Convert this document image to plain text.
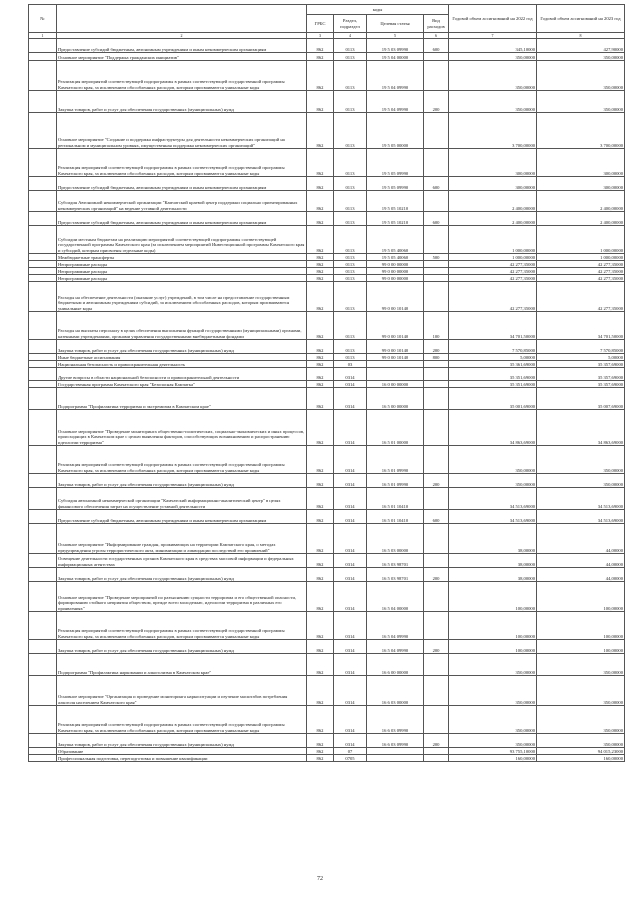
№		коды				Годовой объем ассигнований на 2022 год	Годовой объем ассигнований на 2023 год
		ГРБС	Раздел, подраздел	Целевая статья	Вид расходов		
1	2	3	4	5	6	7	8
	Предоставление субсидий бюджетным, автономным учреждениям и иным некоммерческим организациям	862	0113	19 5 03 09990	600	345,10000	427,90000
	Основное мероприятие "Поддержка гражданских инициатив"	862	0113	19 5 04 00000		350,00000	350,00000
	Реализация мероприятий соответствующей подпрограммы в рамках соответствующей государственной программы Камчатского края, за исключением обособленных расходов, которым присваиваются уникальные коды	862	0113	19 5 04 09990		350,00000	350,00000
	Закупка товаров, работ и услуг для обеспечения государственных (муниципальных) нужд	862	0113	19 5 04 09990	200	350,00000	350,00000
	Основное мероприятие "Создание и поддержка инфраструктуры для деятельности некоммерческих организаций на региональном и муниципальном уровнях, имущественная поддержка некоммерческих организаций"	862	0113	19 5 05 00000		3 700,00000	3 700,00000
	Реализация мероприятий соответствующей подпрограммы в рамках соответствующей государственной программы Камчатского края, за исключением обособленных расходов, которым присваиваются уникальные коды	862	0113	19 5 05 09990		300,00000	300,00000
	Предоставление субсидий бюджетным, автономным учреждениям и иным некоммерческим организациям	862	0113	19 5 05 09990	600	300,00000	300,00000
	Субсидия Автономной некоммерческой организации "Камчатский краевой центр поддержки социально ориентированных некоммерческих организаций" на ведение уставной деятельности	862	0113	19 5 05 10210		2 400,00000	2 400,00000
	Предоставление субсидий бюджетным, автономным учреждениям и иным некоммерческим организациям	862	0113	19 5 05 10210	600	2 400,00000	2 400,00000
	Субсидии местным бюджетам на реализацию мероприятий соответствующей подпрограммы соответствующей государственной программы Камчатского края (за исключением мероприятий Инвестиционной программы Камчатского края и субсидий, которым присвоены отдельные коды)	862	0113	19 5 05 40060		1 000,00000	1 000,00000
	Межбюджетные трансферты	862	0113	19 5 05 40060	500	1 000,00000	1 000,00000
	Непрограммные расходы	862	0113	99 0 00 00000		42 277,35000	42 277,35000
	Непрограммные расходы	862	0113	99 0 00 00000		42 277,35000	42 277,35000
	Непрограммные расходы	862	0113	99 0 00 00000		42 277,35000	42 277,35000
	Расходы на обеспечение деятельности (оказание услуг) учреждений, в том числе на предоставление государственным бюджетным и автономным учреждениям субсидий, за исключением обособленных расходов, которым присваиваются уникальные коды	862	0113	99 0 00 10140		42 277,35000	42 277,35000
	Расходы на выплаты персоналу в целях обеспечения выполнения функций государственными (муниципальными) органами, казенными учреждениями, органами управления государственными внебюджетными фондами	862	0113	99 0 00 10140	100	34 701,50000	34 701,50000
	Закупка товаров, работ и услуг для обеспечения государственных (муниципальных) нужд	862	0113	99 0 00 10140	200	7 570,85000	7 570,85000
	Иные бюджетные ассигнования	862	0113	99 0 00 10140	800	5,00000	5,00000
	Национальная безопасность и правоохранительная деятельность	862	03			35 361,69000	35 357,69000
	Другие вопросы в области национальной безопасности и правоохранительной деятельности	862	0314			35 351,69000	35 357,69000
	Государственная программа Камчатского края "Безопасная Камчатка"	862	0314	16 0 00 00000		35 351,69000	35 357,69000
	Подпрограмма "Профилактика терроризма и экстремизма в Камчатском крае"	862	0314	16 5 00 00000		35 001,69000	35 007,69000
	Основное мероприятие "Проведение мониторинга общественно-политических, социально-экономических и иных процессов, происходящих в Камчатском крае с целью выявления факторов, способствующих возникновению и распространению идеологии терроризма"	862	0314	16 5 01 00000		34 863,69000	34 863,69000
	Реализация мероприятий соответствующей подпрограммы в рамках соответствующей государственной программы Камчатского края, за исключением обособленных расходов, которым присваиваются уникальные коды	862	0314	16 5 01 09990		350,00000	350,00000
	Закупка товаров, работ и услуг для обеспечения государственных (муниципальных) нужд	862	0314	16 5 01 09990	200	350,00000	350,00000
	Субсидия автономной некоммерческой организации "Камчатский информационно-аналитический центр" в целях финансового обеспечения затрат на осуществление уставной деятельности	862	0314	16 5 01 10410		34 513,69000	34 513,69000
	Предоставление субсидий бюджетным, автономным учреждениям и иным некоммерческим организациям	862	0314	16 5 01 10410	600	34 513,69000	34 513,69000
	Основное мероприятие "Информирование граждан, проживающих на территории Камчатского края, о методах предупреждения угрозы террористического акта, минимизации и ликвидации последствий его проявлений"	862	0314	16 5 03 00000		38,00000	44,00000
	Освещение деятельности государственных органов Камчатского края в средствах массовой информации и федеральных информационных агентствах	862	0314	16 5 03 98701		38,00000	44,00000
	Закупка товаров, работ и услуг для обеспечения государственных (муниципальных) нужд	862	0314	16 5 03 98701	200	38,00000	44,00000
	Основное мероприятие "Проведение мероприятий по разъяснению сущности терроризма и его общественной опасности, формированию стойкого неприятия обществом, прежде всего молодежью, идеологии терроризма в различных его проявлениях"	862	0314	16 5 04 00000		100,00000	100,00000
	Реализация мероприятий соответствующей подпрограммы в рамках соответствующей государственной программы Камчатского края, за исключением обособленных расходов, которым присваиваются уникальные коды	862	0314	16 5 04 09990		100,00000	100,00000
	Закупка товаров, работ и услуг для обеспечения государственных (муниципальных) нужд	862	0314	16 5 04 09990	200	100,00000	100,00000
	Подпрограмма "Профилактика наркомании и алкоголизма в Камчатском крае"	862	0314	16 6 00 00000		350,00000	350,00000
	Основное мероприятие "Организация и проведение мониторинга наркоситуации и изучение масштабов потребления алкоголя населением Камчатского края"	862	0314	16 6 03 00000		350,00000	350,00000
	Реализация мероприятий соответствующей подпрограммы в рамках соответствующей государственной программы Камчатского края, за исключением обособленных расходов, которым присваиваются уникальные коды	862	0314	16 6 03 09990		350,00000	350,00000
	Закупка товаров, работ и услуг для обеспечения государственных (муниципальных) нужд	862	0314	16 6 03 09990	200	350,00000	350,00000
	Образование	862	07			93 755,10000	94 015,23000
	Профессиональная подготовка, переподготовка и повышение квалификации	862	0705			160,00000	160,00000
72
